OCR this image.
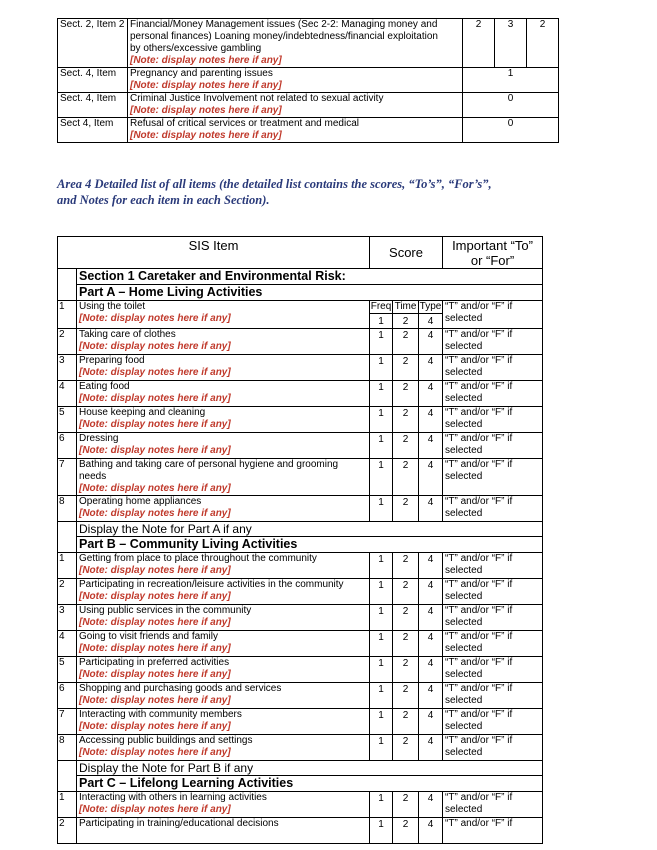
Sect. 2, Item 2	Financial/Money Management issues (Sec 2-2: Managing money and
personal finances) Loaning money/indebtedness/financial exploitation
by others/excessive gambling
[Note: display notes here if any]	2	3	2
Sect. 4, Item	Pregnancy and parenting issues
[Note: display notes here if any]	1		
Sect. 4, Item	Criminal Justice Involvement not related to sexual activity
[Note: display notes here if any]	0		
Sect 4, Item	Refusal of critical services or treatment and medical
[Note: display notes here if any]	0		

Area 4 Detailed list of all items (the detailed list contains the scores, “To’s”, “For’s”,
and Notes for each item in each Section).

SIS Item		Score			Important “To” or “For”
	Section 1 Caretaker and Environmental Risk:				
	Part A – Home Living Activities				
1	Using the toilet
[Note: display notes here if any]	Freq	Time	Type	“T” and/or “F” if
selected

		1	2	4	
2	Taking care of clothes
[Note: display notes here if any]	1	2	4	“T” and/or “F” if
selected

3	Preparing food
[Note: display notes here if any]	1	2	4	“T” and/or “F” if
selected

4	Eating food
[Note: display notes here if any]	1	2	4	“T” and/or “F” if
selected

5	House keeping and cleaning
[Note: display notes here if any]	1	2	4	“T” and/or “F” if
selected

6	Dressing
[Note: display notes here if any]	1	2	4	“T” and/or “F” if
selected

7	Bathing and taking care of personal hygiene and grooming
needs
[Note: display notes here if any]	1	2	4	“T” and/or “F” if
selected

8	Operating home appliances
[Note: display notes here if any]	1	2	4	“T” and/or “F” if
selected

	Display the Note for Part A if any				
	Part B – Community Living Activities				
1	Getting from place to place throughout the community
[Note: display notes here if any]	1	2	4	“T” and/or “F” if
selected

2	Participating in recreation/leisure activities in the community
[Note: display notes here if any]	1	2	4	“T” and/or “F” if
selected

3	Using public services in the community
[Note: display notes here if any]	1	2	4	“T” and/or “F” if
selected

4	Going to visit friends and family
[Note: display notes here if any]	1	2	4	“T” and/or “F” if
selected

5	Participating in preferred activities
[Note: display notes here if any]	1	2	4	“T” and/or “F” if
selected

6	Shopping and purchasing goods and services
[Note: display notes here if any]	1	2	4	“T” and/or “F” if
selected

7	Interacting with community members
[Note: display notes here if any]	1	2	4	“T” and/or “F” if
selected

8	Accessing public buildings and settings
[Note: display notes here if any]	1	2	4	“T” and/or “F” if
selected

	Display the Note for Part B if any				
	Part C – Lifelong Learning Activities				
1	Interacting with others in learning activities
[Note: display notes here if any]	1	2	4	“T” and/or “F” if
selected

2	Participating in training/educational decisions	1	2	4	“T” and/or “F” if
